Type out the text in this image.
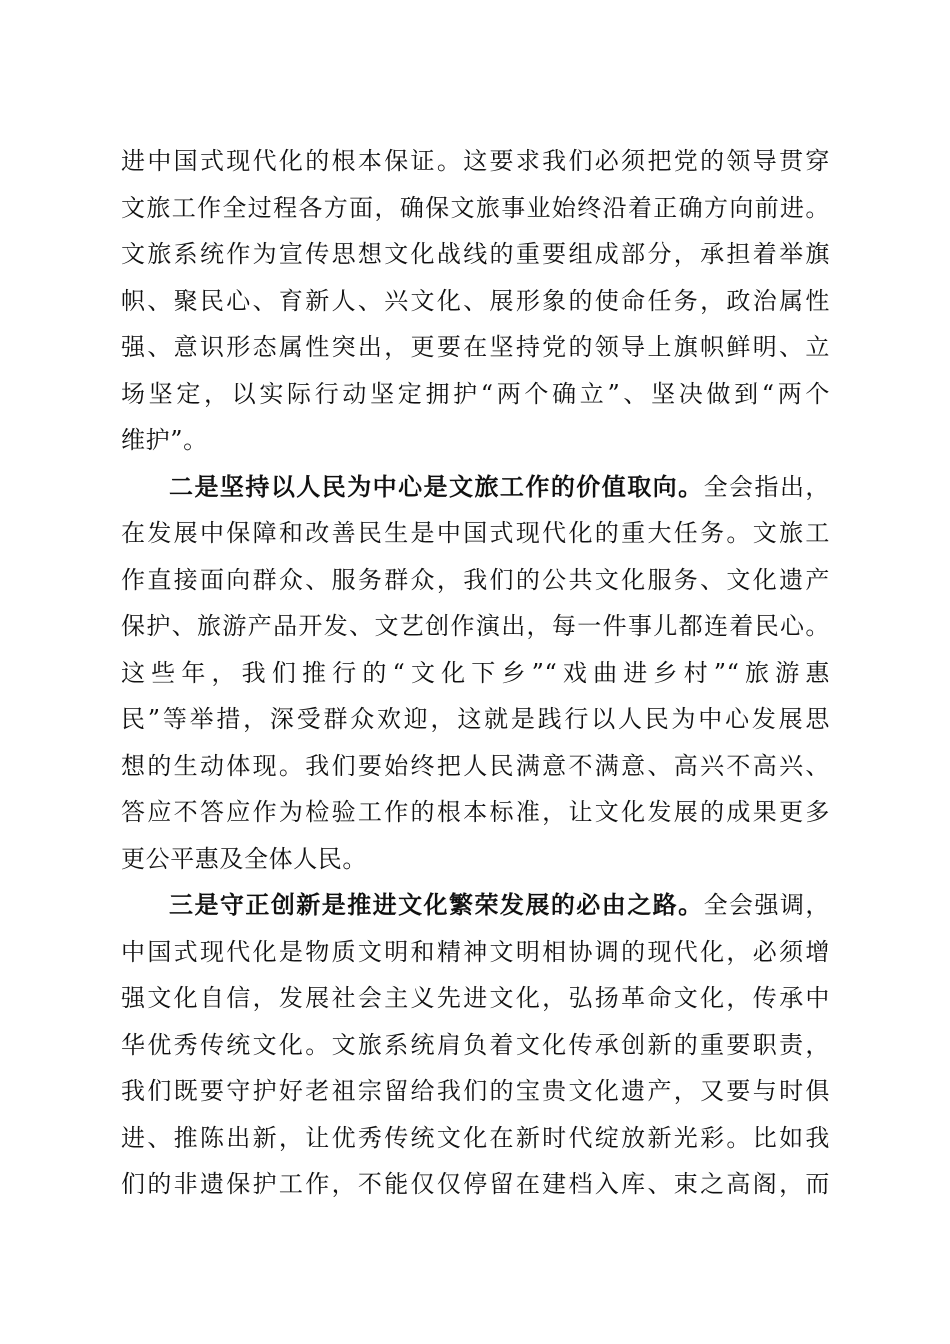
进中国式现代化的根本保证。这要求我们必须把党的领导贯穿
文旅工作全过程各方面，确保文旅事业始终沿着正确方向前进。
文旅系统作为宣传思想文化战线的重要组成部分，承担着举旗
帜、聚民心、育新人、兴文化、展形象的使命任务，政治属性
强、意识形态属性突出，更要在坚持党的领导上旗帜鲜明、立
场坚定，以实际行动坚定拥护“两个确立”、坚决做到“两个
维护”。
二是坚持以人民为中心是文旅工作的价值取向。全会指出，
在发展中保障和改善民生是中国式现代化的重大任务。文旅工
作直接面向群众、服务群众，我们的公共文化服务、文化遗产
保护、旅游产品开发、文艺创作演出，每一件事儿都连着民心。
这些年，我们推行的“文化下乡”“戏曲进乡村”“旅游惠
民”等举措，深受群众欢迎，这就是践行以人民为中心发展思
想的生动体现。我们要始终把人民满意不满意、高兴不高兴、
答应不答应作为检验工作的根本标准，让文化发展的成果更多
更公平惠及全体人民。
三是守正创新是推进文化繁荣发展的必由之路。全会强调，
中国式现代化是物质文明和精神文明相协调的现代化，必须增
强文化自信，发展社会主义先进文化，弘扬革命文化，传承中
华优秀传统文化。文旅系统肩负着文化传承创新的重要职责，
我们既要守护好老祖宗留给我们的宝贵文化遗产，又要与时俱
进、推陈出新，让优秀传统文化在新时代绽放新光彩。比如我
们的非遗保护工作，不能仅仅停留在建档入库、束之高阁，而
